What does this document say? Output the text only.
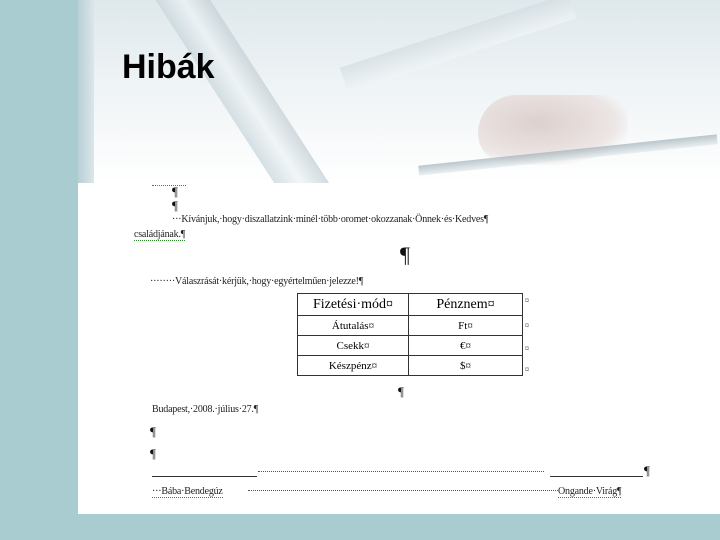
Hibák
¶
¶
···Kívánjuk,·hogy·diszallatzink·minél·több·oromet·okozzanak·Önnek·és·Kedves¶
családjának.¶
¶
········Válaszrását·kérjük,·hogy·egyértelműen·jelezze!¶
Fizetési·mód¤	Pénznem¤
Átutalás¤	Ft¤
Csekk¤	€¤
Készpénz¤	$¤
¤
¤
¤
¤
¶
Budapest,·2008.·július·27.¶
¶
¶
¶
···Bába·Bendegúz	Ongande·Virág¶
